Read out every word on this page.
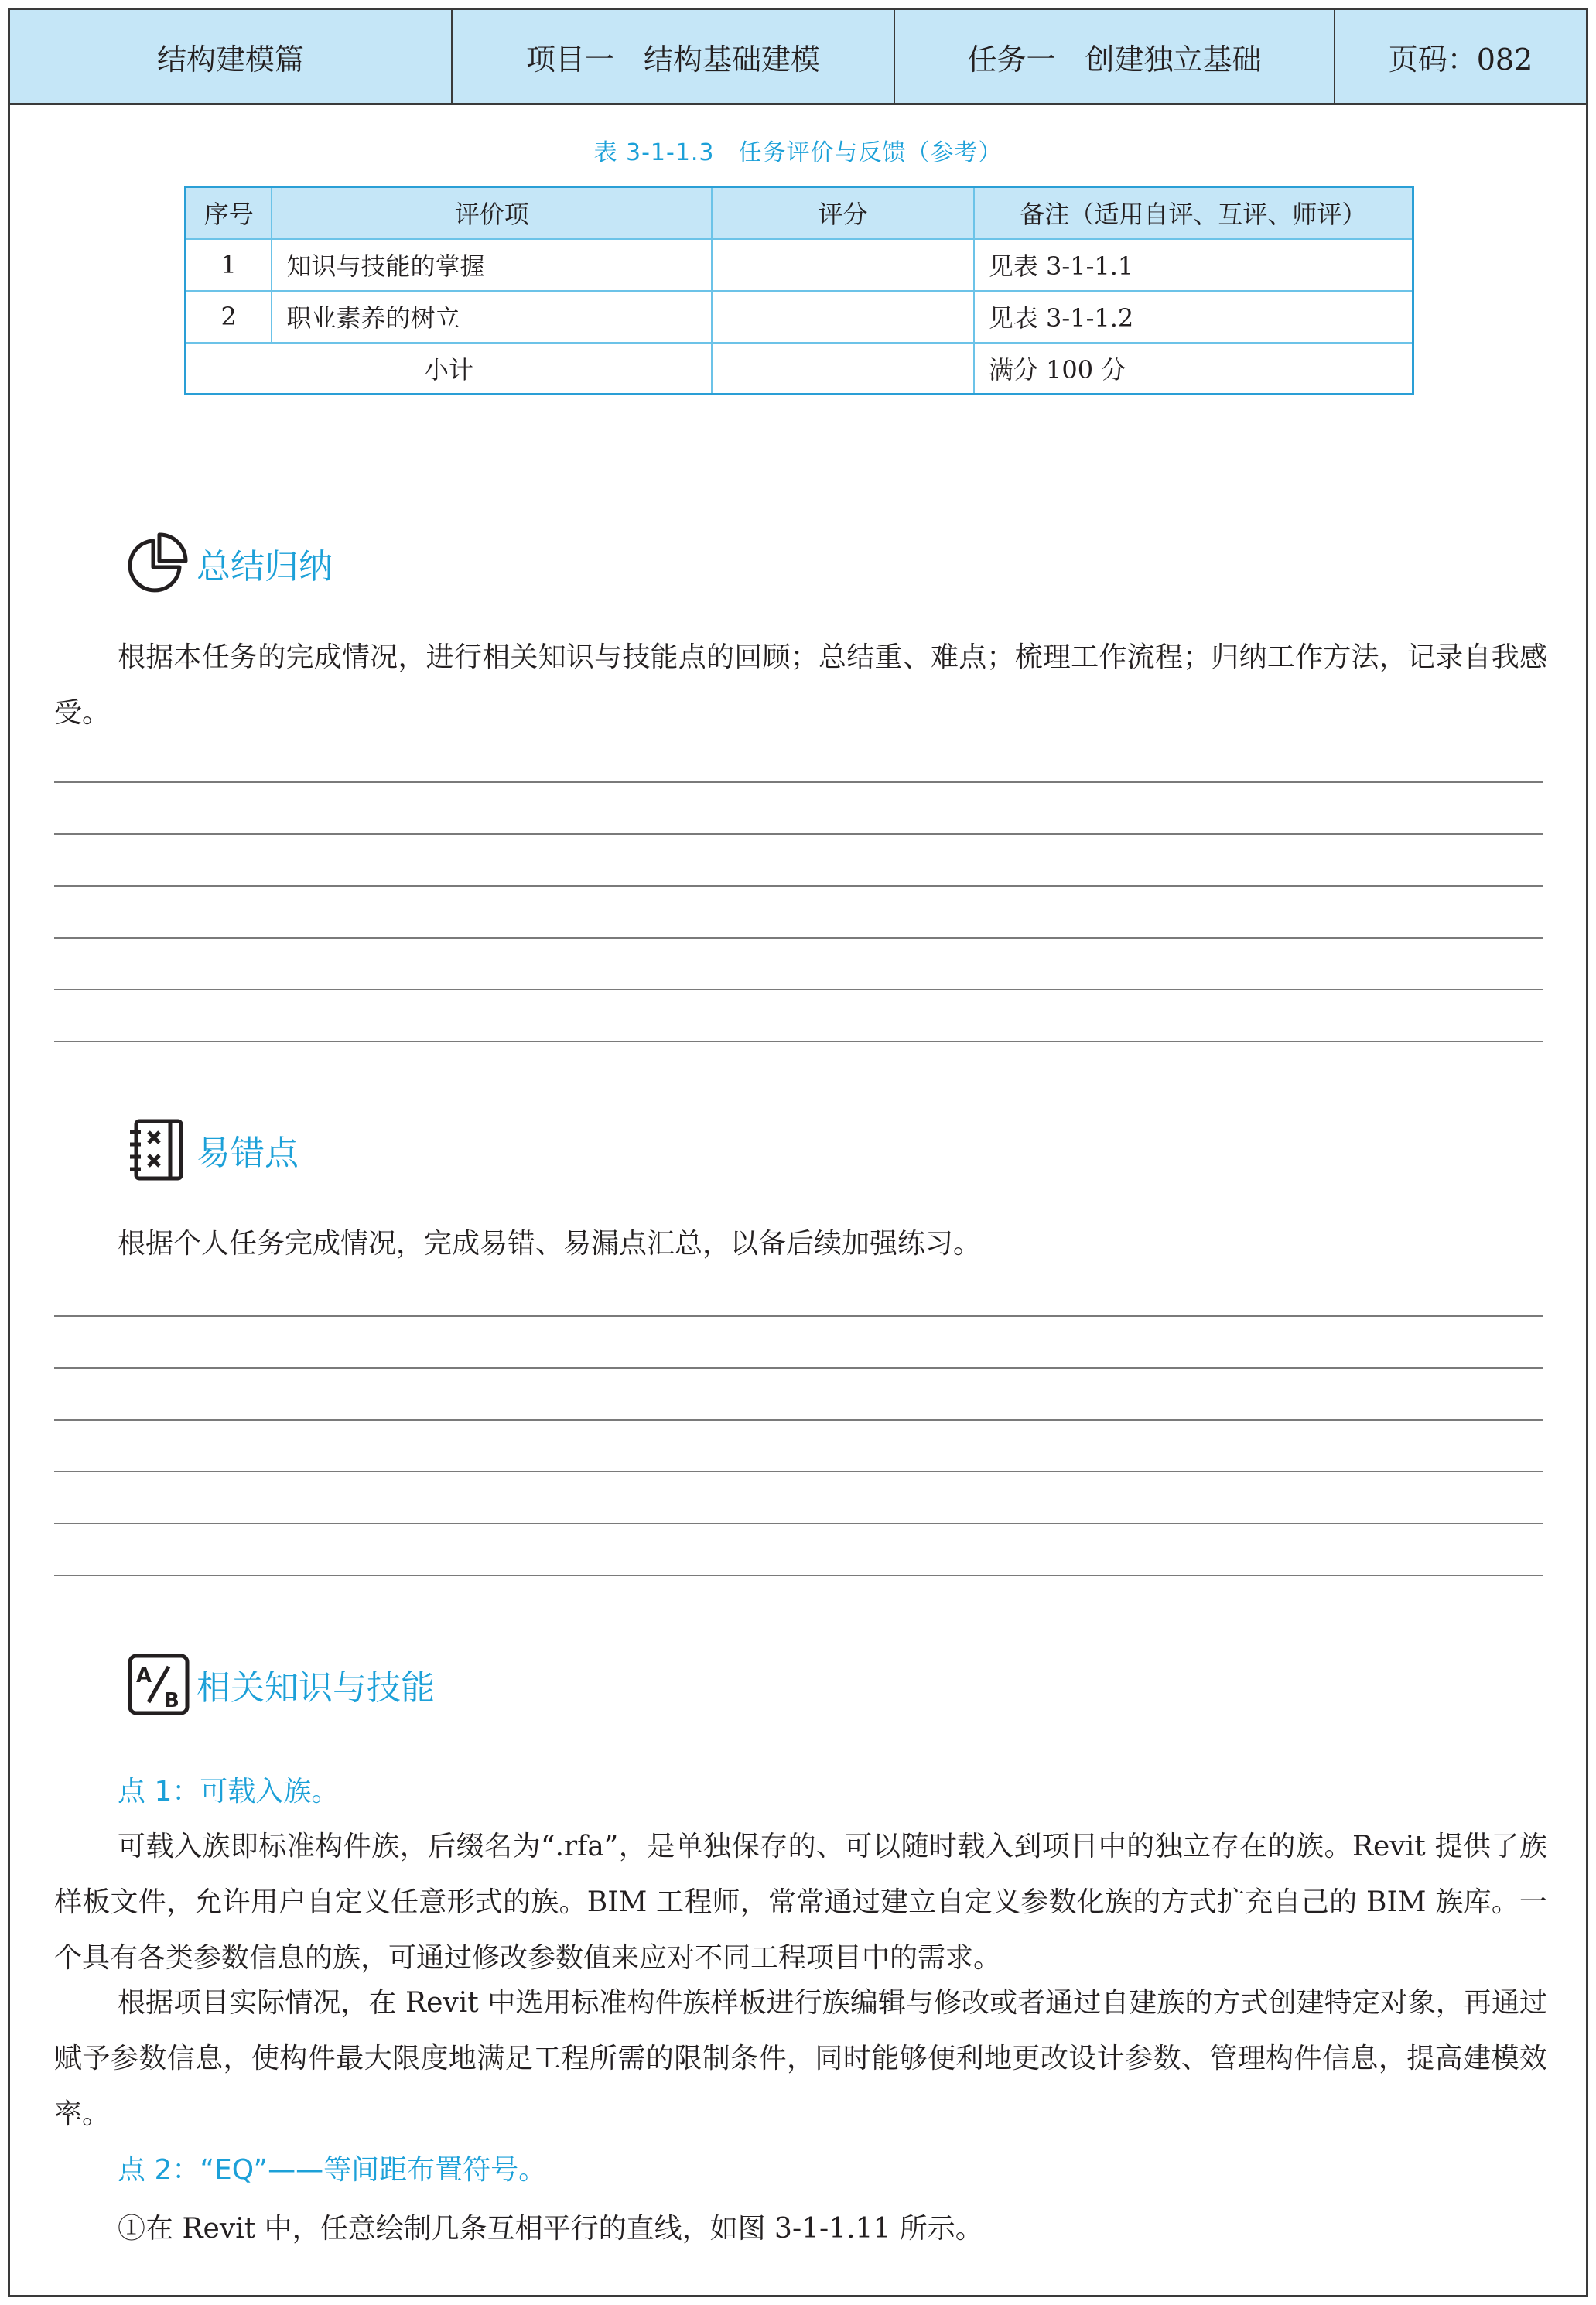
结构建模篇	项目一　结构基础建模	任务一　创建独立基础	页码：082
表 3-1-1.3　任务评价与反馈（参考）
序号	评价项	评分	备注（适用自评、互评、师评）
1	知识与技能的掌握		见表 3-1-1.1
2	职业素养的树立		见表 3-1-1.2
小计			满分 100 分
总结归纳
根据本任务的完成情况，进行相关知识与技能点的回顾；总结重、难点；梳理工作流程；归纳工作方法，记录自我感受。
易错点
根据个人任务完成情况，完成易错、易漏点汇总，以备后续加强练习。
A
B 相关知识与技能
点 1：可载入族。
可载入族即标准构件族，后缀名为“.rfa”，是单独保存的、可以随时载入到项目中的独立存在的族。Revit 提供了族样板文件，允许用户自定义任意形式的族。BIM 工程师，常常通过建立自定义参数化族的方式扩充自己的 BIM 族库。一个具有各类参数信息的族，可通过修改参数值来应对不同工程项目中的需求。
根据项目实际情况，在 Revit 中选用标准构件族样板进行族编辑与修改或者通过自建族的方式创建特定对象，再通过赋予参数信息，使构件最大限度地满足工程所需的限制条件，同时能够便利地更改设计参数、管理构件信息，提高建模效率。
点 2：“EQ”——等间距布置符号。
①在 Revit 中，任意绘制几条互相平行的直线，如图 3-1-1.11 所示。
